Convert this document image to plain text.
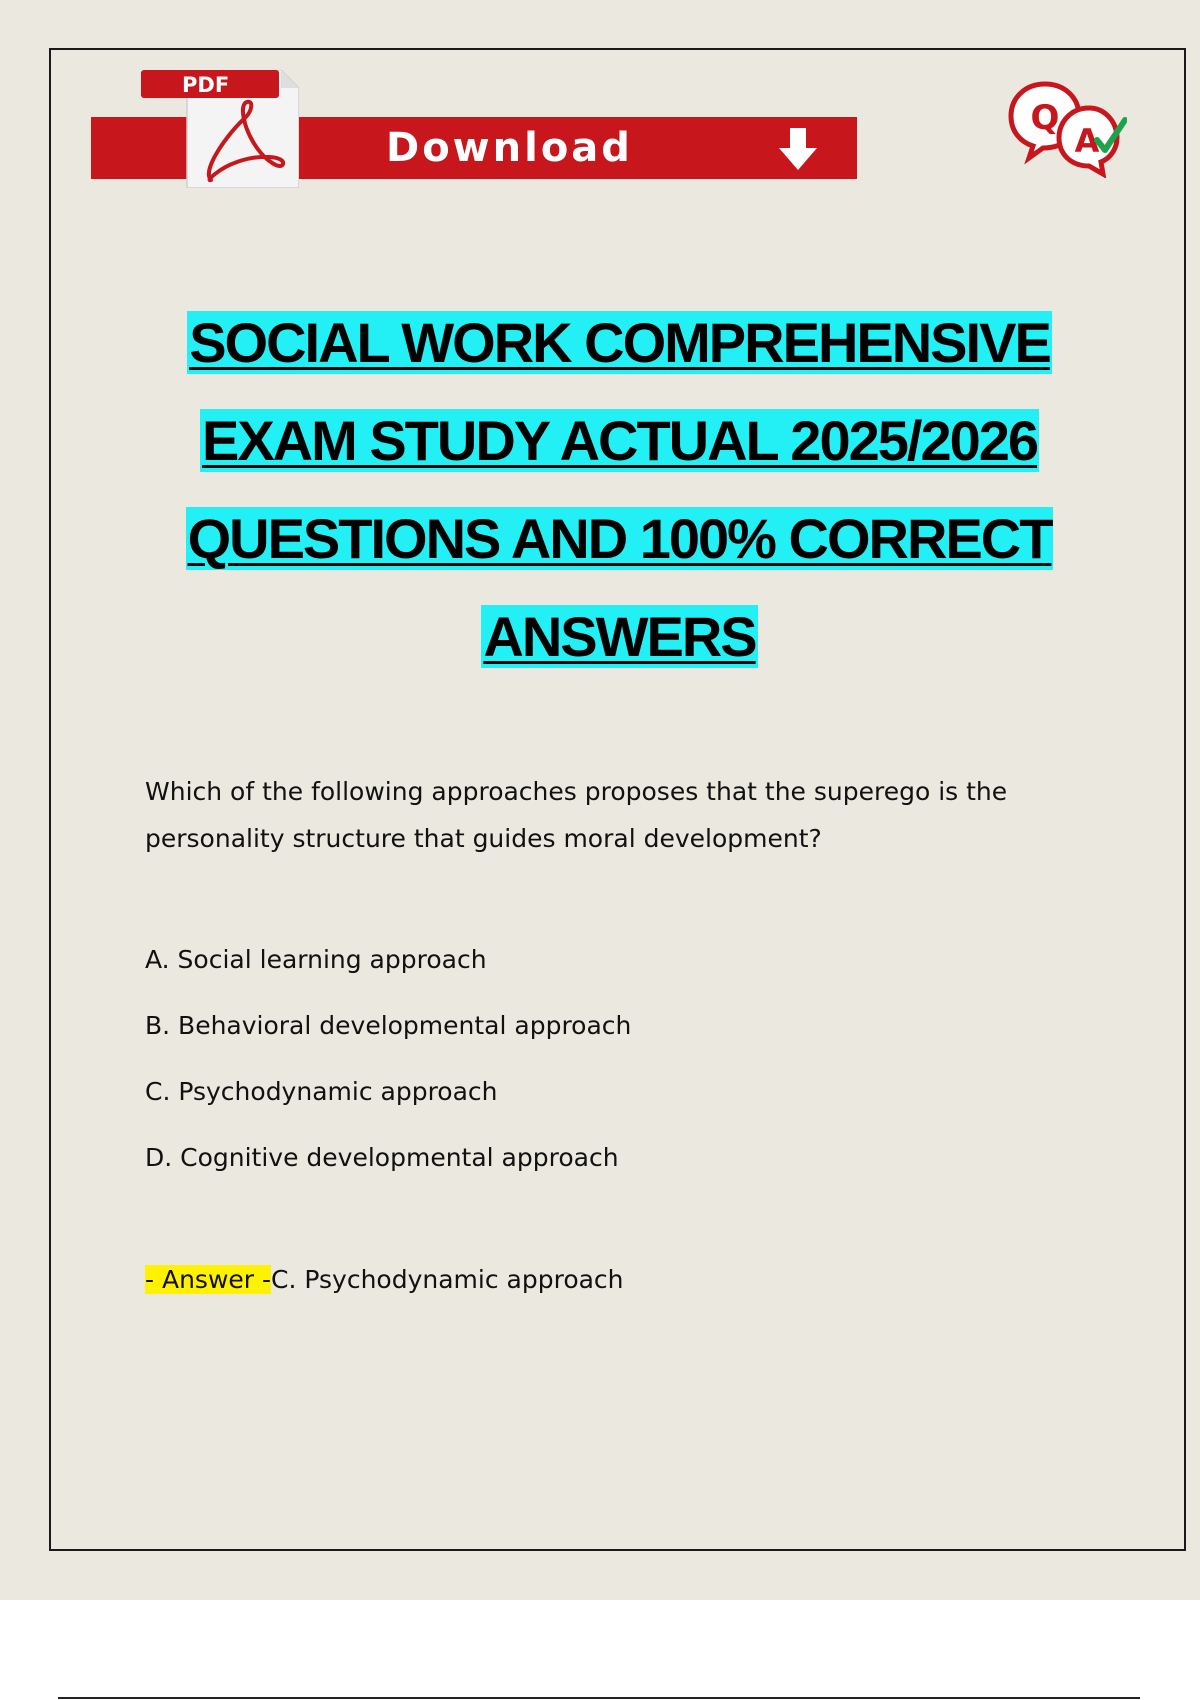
PDF
Download
Q
A
SOCIAL WORK COMPREHENSIVE
EXAM STUDY ACTUAL 2025/2026
QUESTIONS AND 100% CORRECT
ANSWERS
Which of the following approaches proposes that the superego is the personality structure that guides moral development?
A. Social learning approach
B. Behavioral developmental approach
C. Psychodynamic approach
D. Cognitive developmental approach
- Answer -C. Psychodynamic approach
